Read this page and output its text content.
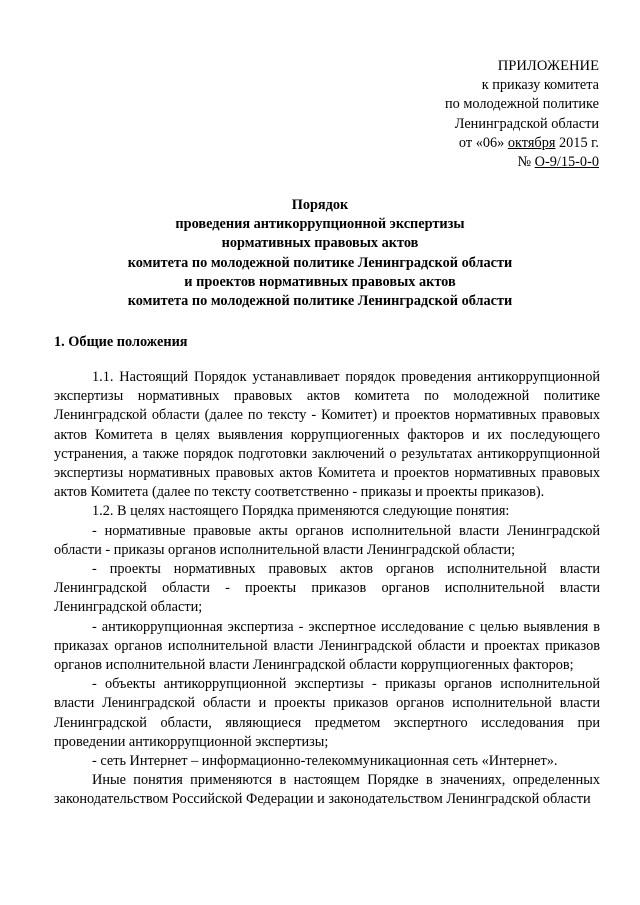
ПРИЛОЖЕНИЕ
к приказу комитета
по молодежной политике
Ленинградской области
от «06» октября 2015 г.
№ О-9/15-0-0
Порядок
проведения антикоррупционной экспертизы
нормативных правовых актов
комитета по молодежной политике Ленинградской области
и проектов нормативных правовых актов
комитета по молодежной политике Ленинградской области
1. Общие положения

1.1. Настоящий Порядок устанавливает порядок проведения антикоррупционной экспертизы нормативных правовых актов комитета по молодежной политике Ленинградской области (далее по тексту - Комитет) и проектов нормативных правовых актов Комитета в целях выявления коррупциогенных факторов и их последующего устранения, а также порядок подготовки заключений о результатах антикоррупционной экспертизы нормативных правовых актов Комитета и проектов нормативных правовых актов Комитета (далее по тексту соответственно - приказы и проекты приказов).

1.2. В целях настоящего Порядка применяются следующие понятия:

- нормативные правовые акты органов исполнительной власти Ленинградской области - приказы органов исполнительной власти Ленинградской области;

- проекты нормативных правовых актов органов исполнительной власти Ленинградской области - проекты приказов органов исполнительной власти Ленинградской области;

- антикоррупционная экспертиза - экспертное исследование с целью выявления в приказах органов исполнительной власти Ленинградской области и проектах приказов органов исполнительной власти Ленинградской области коррупциогенных факторов;

- объекты антикоррупционной экспертизы - приказы органов исполнительной власти Ленинградской области и проекты приказов органов исполнительной власти Ленинградской области, являющиеся предметом экспертного исследования при проведении антикоррупционной экспертизы;

- сеть Интернет – информационно-телекоммуникационная сеть «Интернет».

Иные понятия применяются в настоящем Порядке в значениях, определенных законодательством Российской Федерации и законодательством Ленинградской области
